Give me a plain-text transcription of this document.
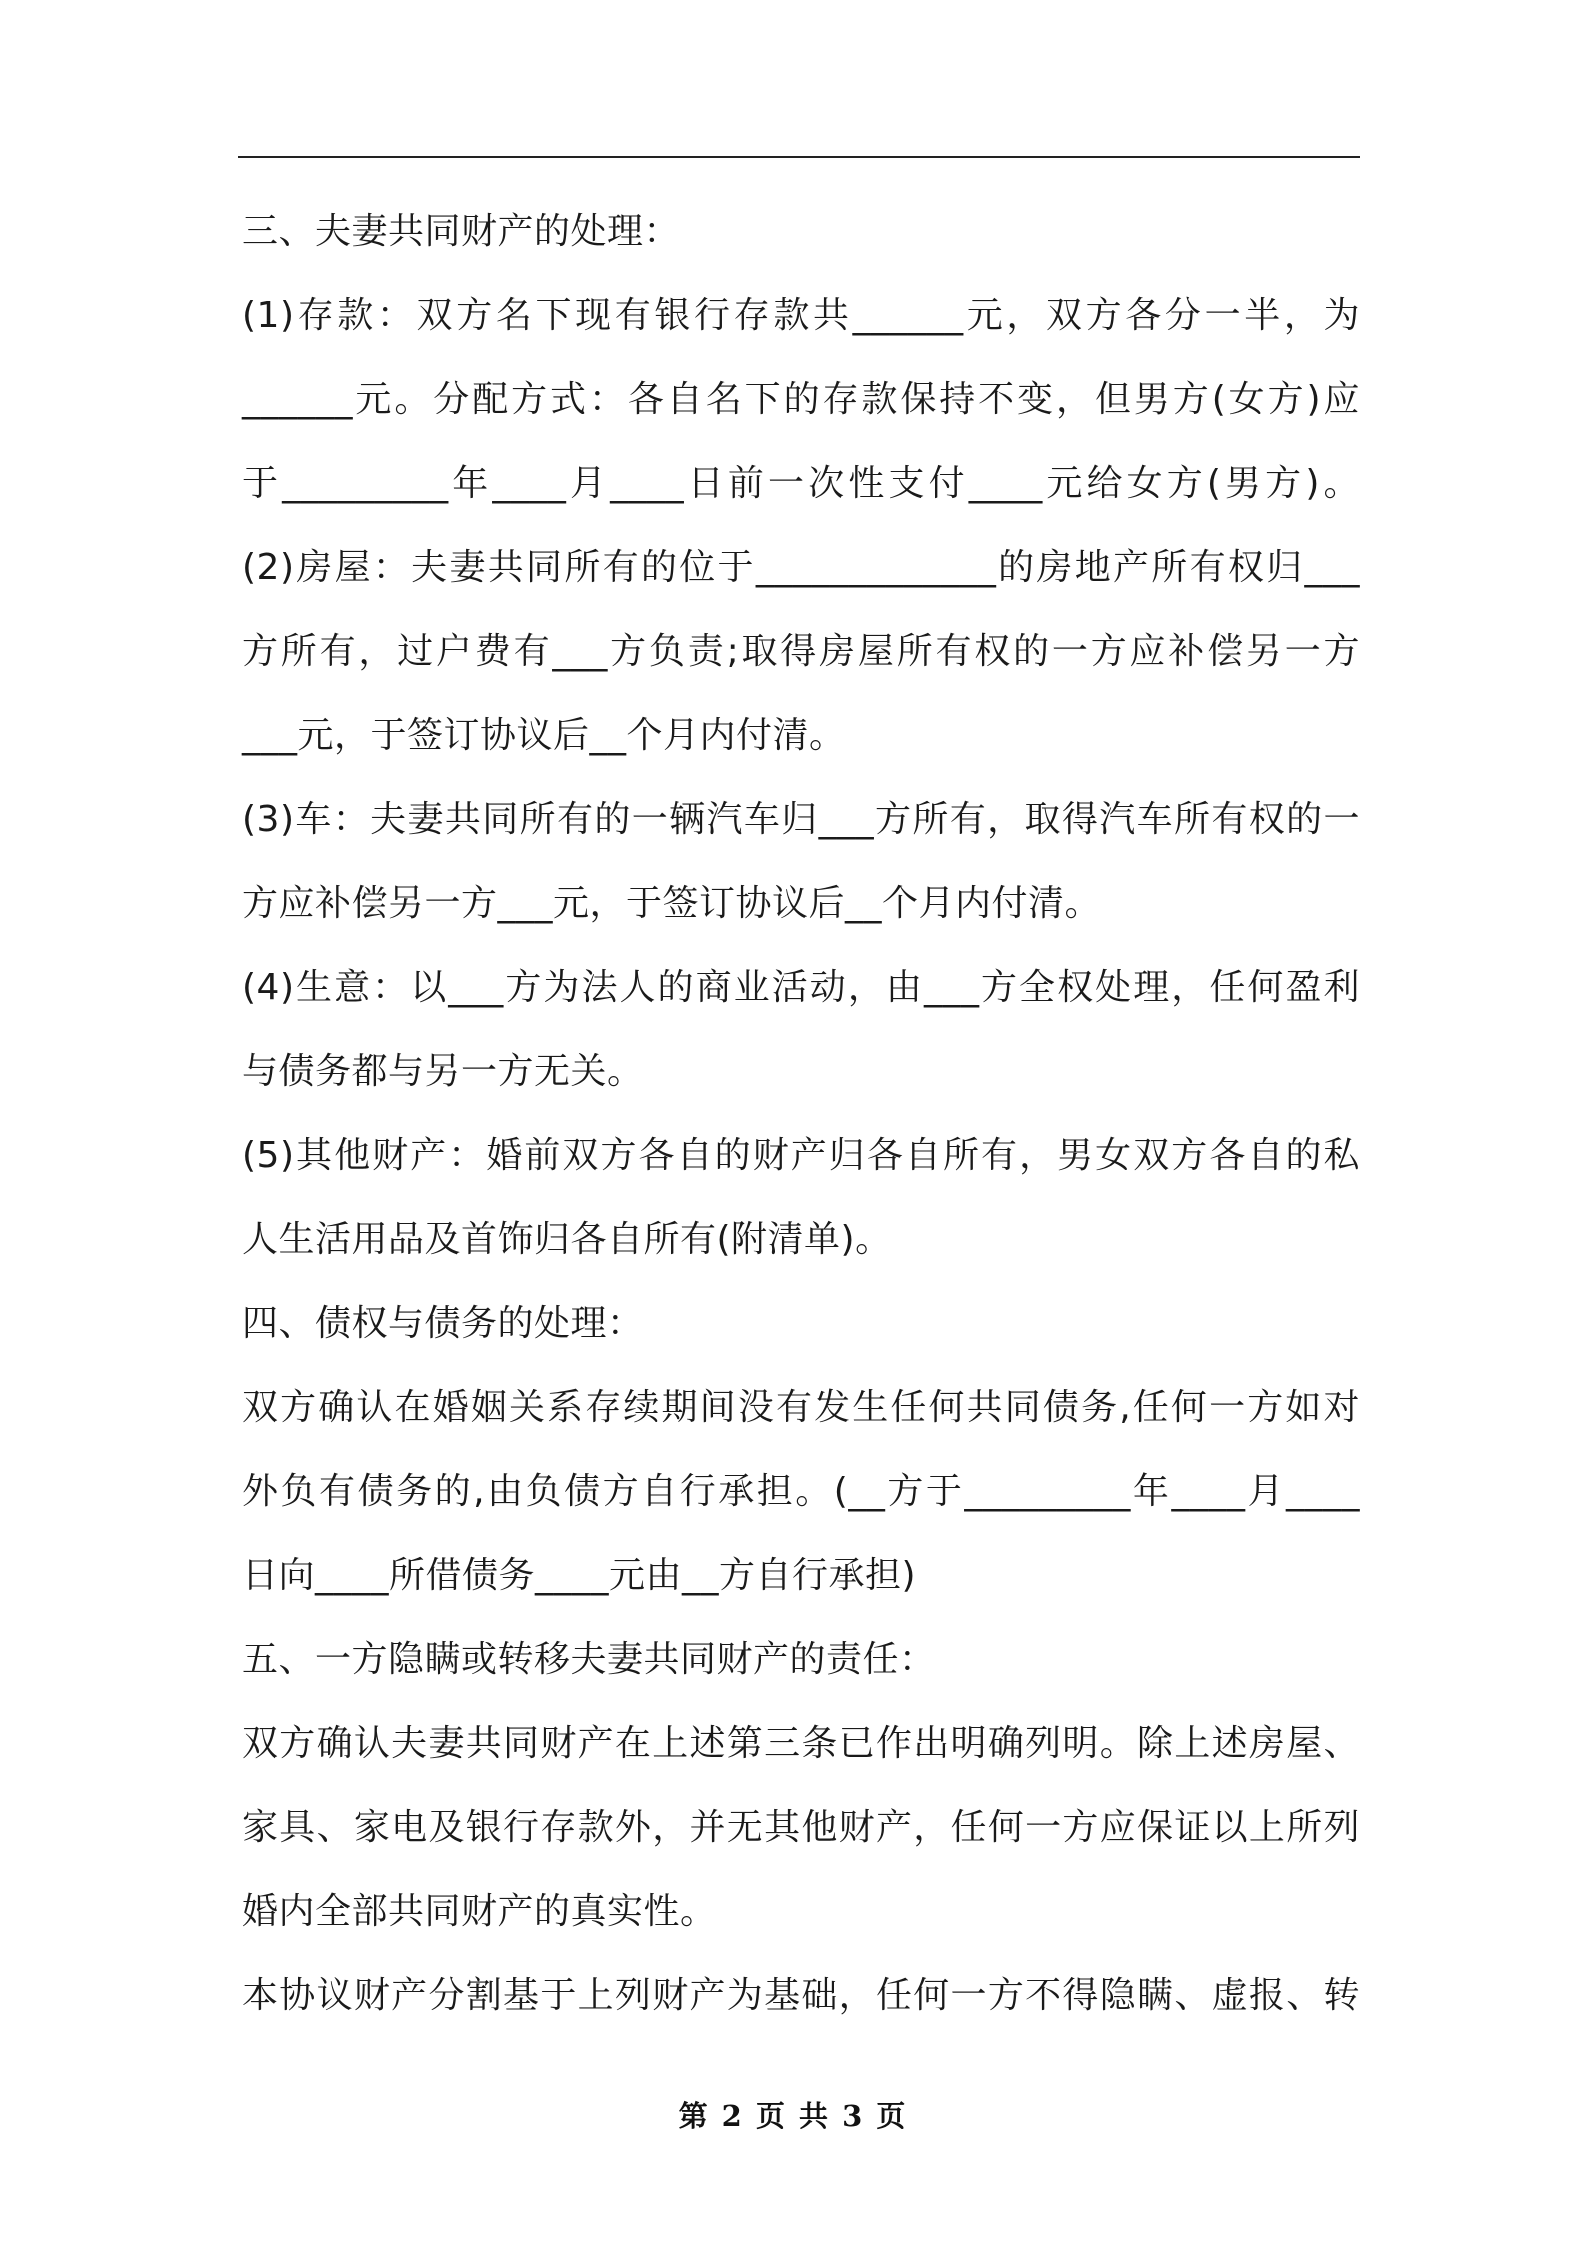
三、夫妻共同财产的处理：
(1)存款：双方名下现有银行存款共______元，双方各分一半，为
______元。分配方式：各自名下的存款保持不变，但男方(女方)应
于_________年____月____日前一次性支付____元给女方(男方)。
(2)房屋：夫妻共同所有的位于_____________的房地产所有权归___
方所有，过户费有___方负责;取得房屋所有权的一方应补偿另一方
___元，于签订协议后__个月内付清。
(3)车：夫妻共同所有的一辆汽车归___方所有，取得汽车所有权的一
方应补偿另一方___元，于签订协议后__个月内付清。
(4)生意：以___方为法人的商业活动，由___方全权处理，任何盈利
与债务都与另一方无关。
(5)其他财产：婚前双方各自的财产归各自所有，男女双方各自的私
人生活用品及首饰归各自所有(附清单)。
四、债权与债务的处理：
双方确认在婚姻关系存续期间没有发生任何共同债务,任何一方如对
外负有债务的,由负债方自行承担。(__方于_________年____月____
日向____所借债务____元由__方自行承担)
五、一方隐瞒或转移夫妻共同财产的责任：
双方确认夫妻共同财产在上述第三条已作出明确列明。除上述房屋、
家具、家电及银行存款外，并无其他财产，任何一方应保证以上所列
婚内全部共同财产的真实性。
本协议财产分割基于上列财产为基础，任何一方不得隐瞒、虚报、转
第 2 页 共 3 页
